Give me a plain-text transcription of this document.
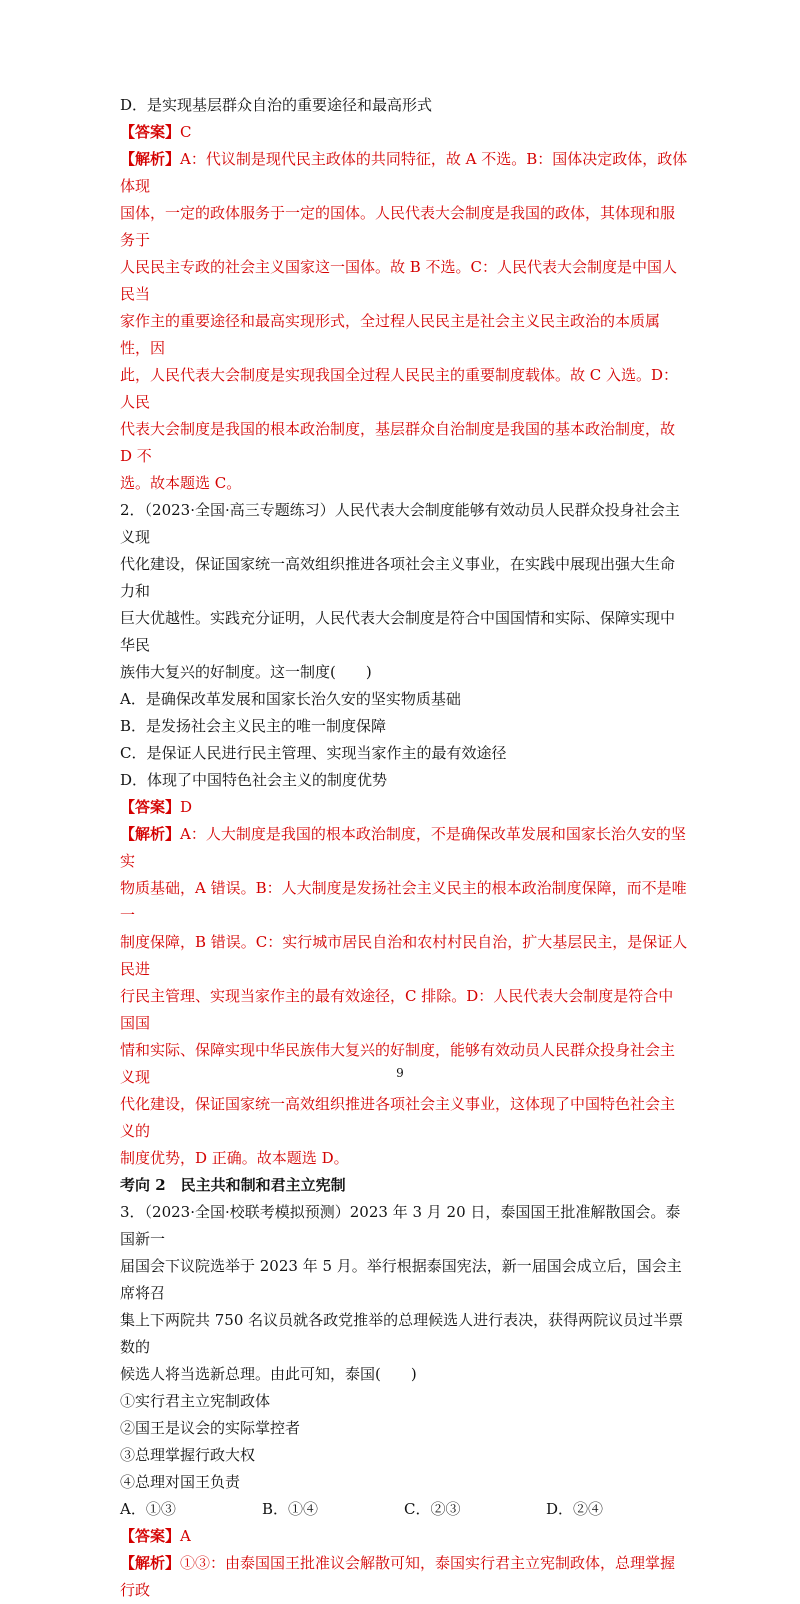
D．是实现基层群众自治的重要途径和最高形式

【答案】C

【解析】A：代议制是现代民主政体的共同特征，故 A 不选。B：国体决定政体，政体体现

国体，一定的政体服务于一定的国体。人民代表大会制度是我国的政体，其体现和服务于

人民民主专政的社会主义国家这一国体。故 B 不选。C：人民代表大会制度是中国人民当

家作主的重要途径和最高实现形式，全过程人民民主是社会主义民主政治的本质属性，因

此，人民代表大会制度是实现我国全过程人民民主的重要制度载体。故 C 入选。D：人民

代表大会制度是我国的根本政治制度，基层群众自治制度是我国的基本政治制度，故 D 不

选。故本题选 C。

2．（2023·全国·高三专题练习）人民代表大会制度能够有效动员人民群众投身社会主义现

代化建设，保证国家统一高效组织推进各项社会主义事业，在实践中展现出强大生命力和

巨大优越性。实践充分证明，人民代表大会制度是符合中国国情和实际、保障实现中华民

族伟大复兴的好制度。这一制度(　　)

A．是确保改革发展和国家长治久安的坚实物质基础

B．是发扬社会主义民主的唯一制度保障

C．是保证人民进行民主管理、实现当家作主的最有效途径

D．体现了中国特色社会主义的制度优势

【答案】D

【解析】A：人大制度是我国的根本政治制度，不是确保改革发展和国家长治久安的坚实

物质基础，A 错误。B：人大制度是发扬社会主义民主的根本政治制度保障，而不是唯一

制度保障，B 错误。C：实行城市居民自治和农村村民自治，扩大基层民主，是保证人民进

行民主管理、实现当家作主的最有效途径，C 排除。D：人民代表大会制度是符合中国国

情和实际、保障实现中华民族伟大复兴的好制度，能够有效动员人民群众投身社会主义现

代化建设，保证国家统一高效组织推进各项社会主义事业，这体现了中国特色社会主义的

制度优势，D 正确。故本题选 D。

考向 2　民主共和制和君主立宪制

3．（2023·全国·校联考模拟预测）2023 年 3 月 20 日，泰国国王批准解散国会。泰国新一

届国会下议院选举于 2023 年 5 月。举行根据泰国宪法，新一届国会成立后，国会主席将召

集上下两院共 750 名议员就各政党推举的总理候选人进行表决，获得两院议员过半票数的

候选人将当选新总理。由此可知，泰国(　　)

①实行君主立宪制政体

②国王是议会的实际掌控者

③总理掌握行政大权

④总理对国王负责

A．①③	B．①④	C．②③	D．②④

【答案】A

【解析】①③：由泰国国王批准议会解散可知，泰国实行君主立宪制政体，总理掌握行政

9
